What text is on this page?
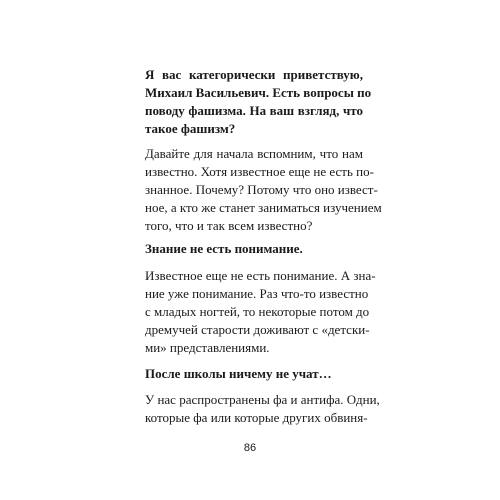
Я вас категорически приветствую,
Михаил Васильевич. Есть вопросы по
поводу фашизма. На ваш взгляд, что
такое фашизм?
Давайте для начала вспомним, что нам
известно. Хотя известное еще не есть по-
знанное. Почему? Потому что оно извест-
ное, а кто же станет заниматься изучением
того, что и так всем известно?
Знание не есть понимание.
Известное еще не есть понимание. А зна-
ние уже понимание. Раз что-то известно
с младых ногтей, то некоторые потом до
дремучей старости доживают с «детски-
ми» представлениями.
После школы ничему не учат…
У нас распространены фа и антифа. Одни,
которые фа или которые других обвиня-
86
